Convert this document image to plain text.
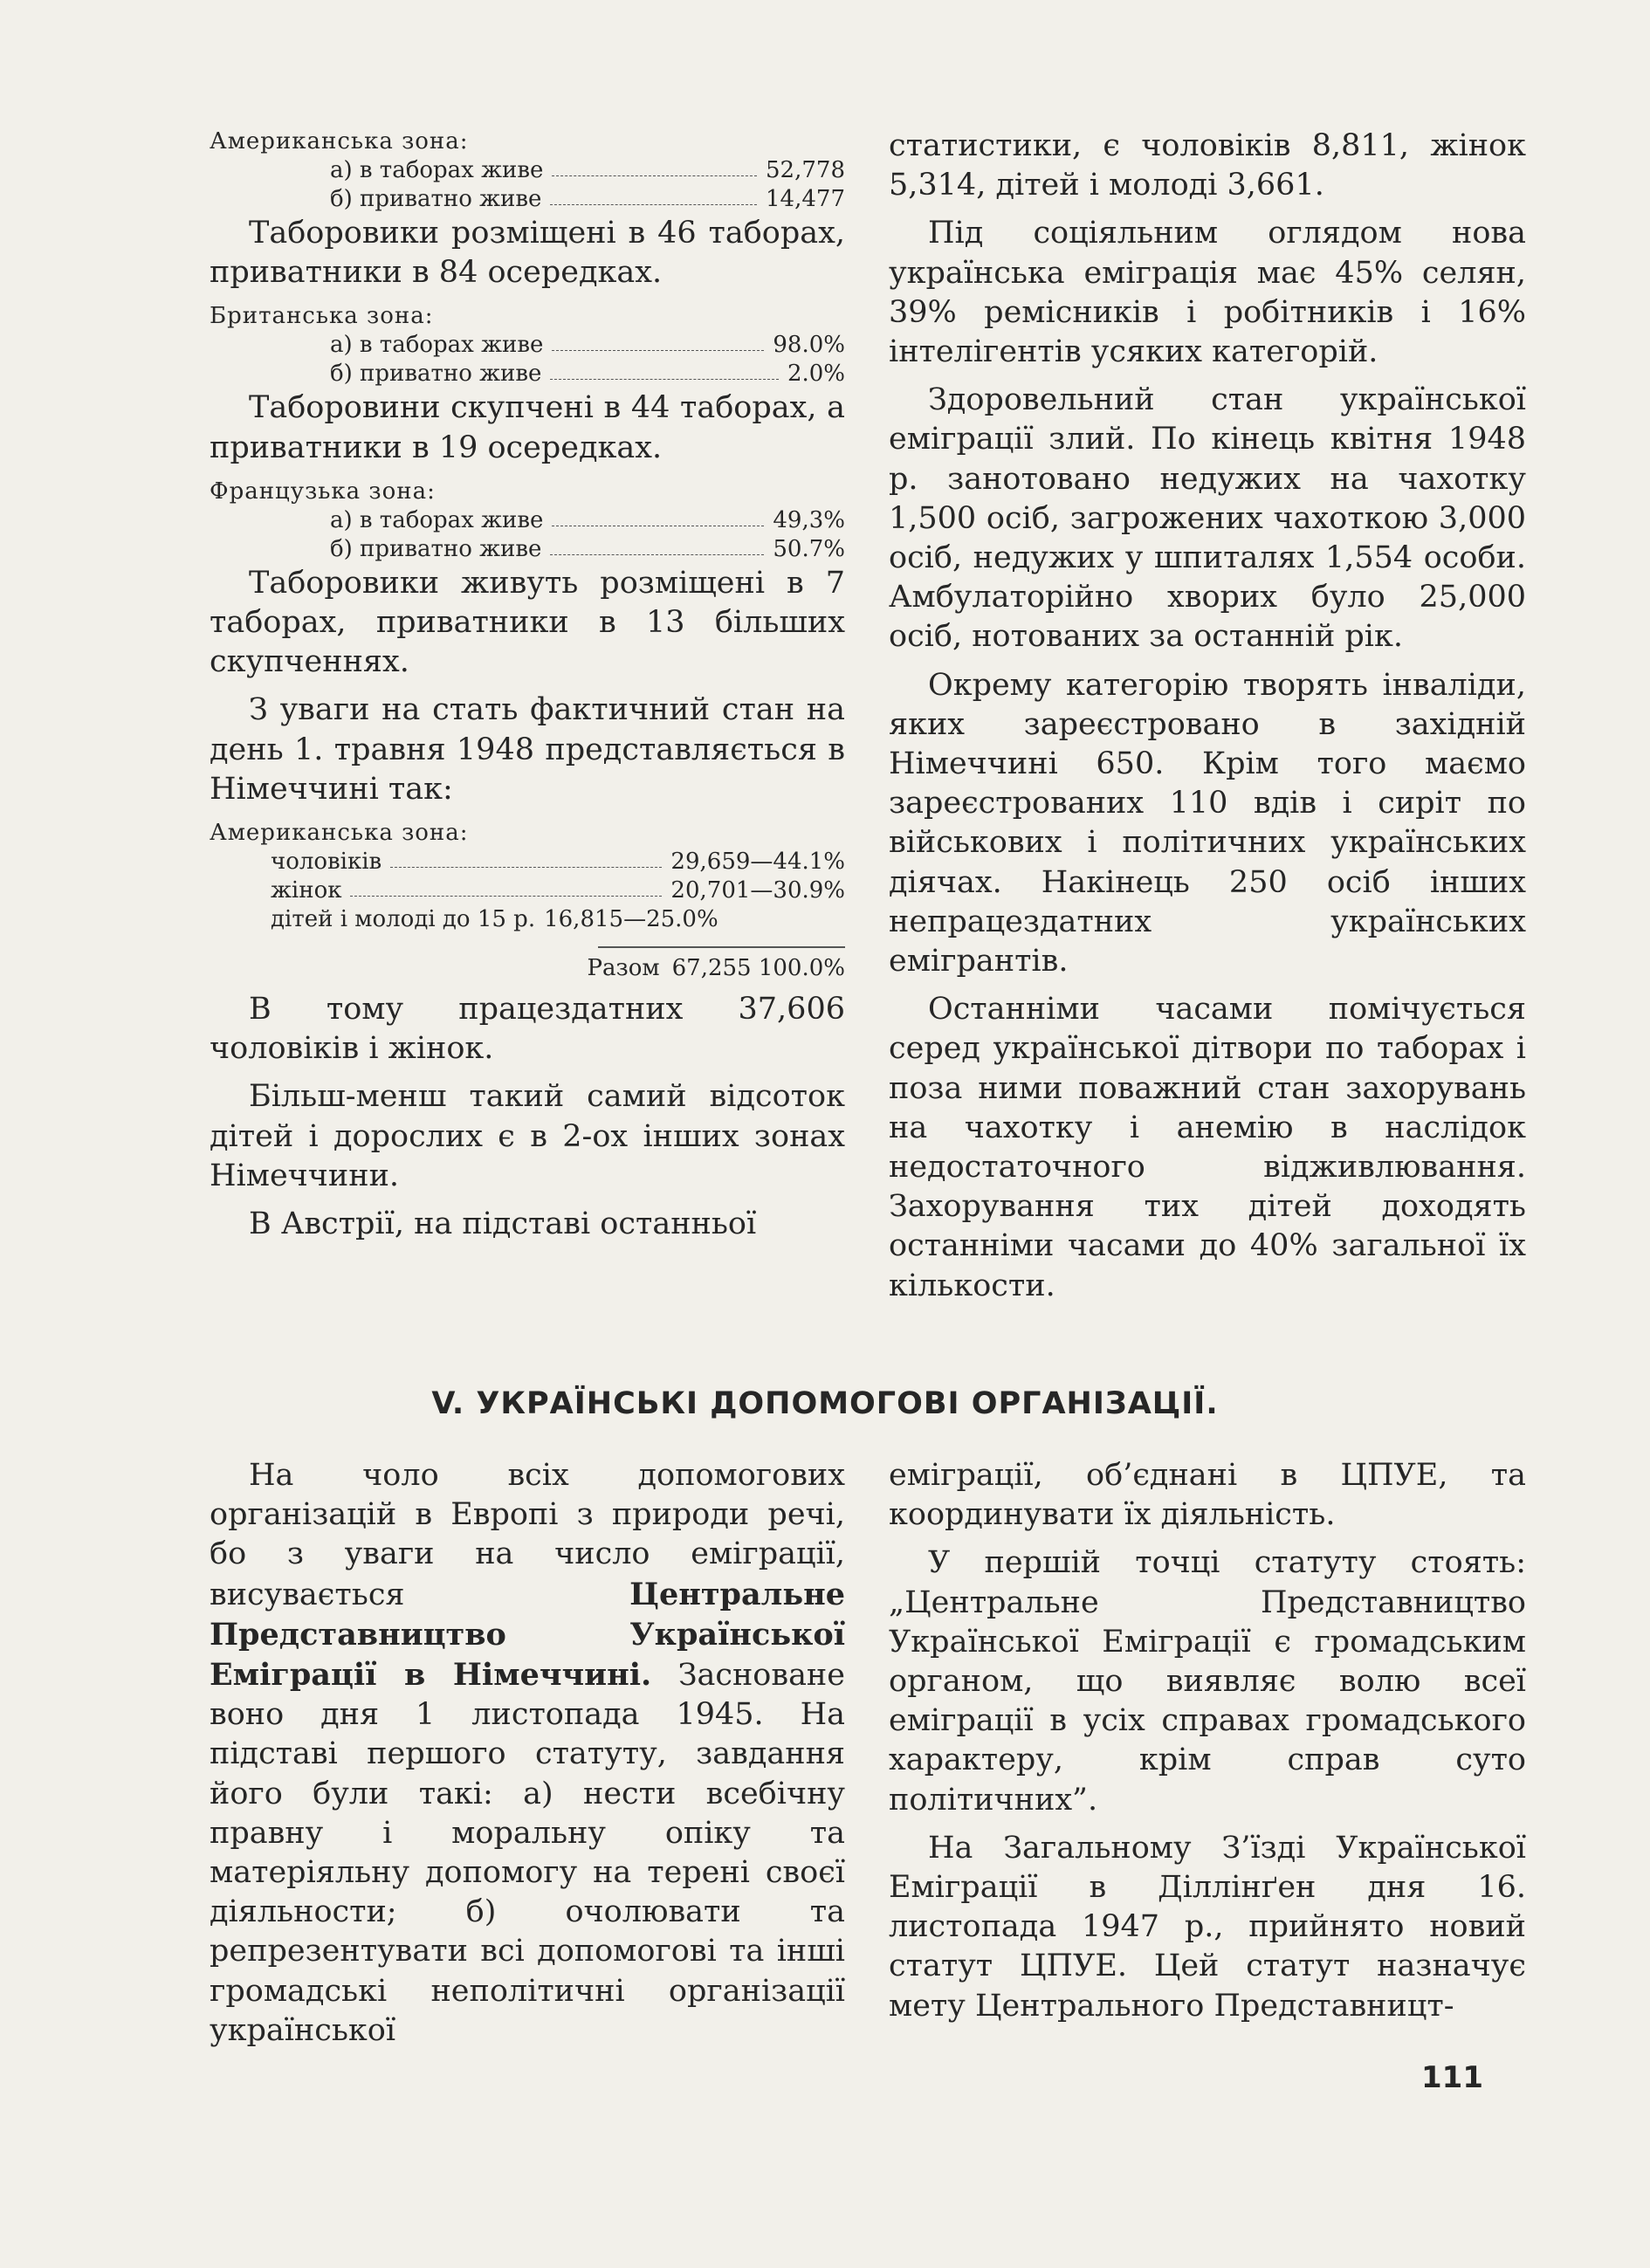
Американська зона:

а) в таборах живе	52,778
б) приватно живе	14,477

Таборовики розміщені в 46 таборах, приватники в 84 осередках.

Британська зона:

а) в таборах живе	98.0%
б) приватно живе	2.0%

Таборовини скупчені в 44 таборах, а приватники в 19 осередках.

Французька зона:

а) в таборах живе	49,3%
б) приватно живе	50.7%

Таборовики живуть розміщені в 7 таборах, приватники в 13 більших скупченнях.

З уваги на стать фактичний стан на день 1. травня 1948 представляється в Німеччині так:

Американська зона:

чоловіків	29,659—44.1%
жінок	20,701—30.9%
дітей і молоді до 15 р. 16,815—25.0%
Разом 67,255 100.0%

В тому працездатних 37,606 чоловіків і жінок.

Більш-менш такий самий відсоток дітей і дорослих є в 2-ох інших зонах Німеччини.

В Австрії, на підставі останньої

статистики, є чоловіків 8,811, жінок 5,314, дітей і молоді 3,661.

Під соціяльним оглядом нова українська еміграція має 45% селян, 39% ремісників і робітників і 16% інтелігентів усяких категорій.

Здоровельний стан української еміграції злий. По кінець квітня 1948 р. занотовано недужих на чахотку 1,500 осіб, загрожених чахоткою 3,000 осіб, недужих у шпиталях 1,554 особи. Амбулаторійно хворих було 25,000 осіб, нотованих за останній рік.

Окрему категорію творять інваліди, яких зареєстровано в західній Німеччині 650. Крім того маємо зареєстрованих 110 вдів і сиріт по військових і політичних українських діячах. Накінець 250 осіб інших непрацездатних українських емігрантів.

Останніми часами помічується серед української дітвори по таборах і поза ними поважний стан захорувань на чахотку і анемію в наслідок недостаточного відживлювання. Захорування тих дітей доходять останніми часами до 40% загальної їх кількости.

V. УКРАЇНСЬКІ ДОПОМОГОВІ ОРГАНІЗАЦІЇ.

На чоло всіх допомогових організацій в Европі з природи речі, бо з уваги на число еміграції, висувається	Центральне Представництво Української Еміграції в Німеччині. Засноване воно дня 1 листопада 1945. На підставі першого статуту, завдання його були такі: а) нести всебічну правну і моральну опіку та матеріяльну допомогу на терені своєї діяльности; б) очолювати та репрезентувати всі допомогові та інші громадські неполітичні організації української

еміграції, об’єднані в ЦПУЕ, та координувати їх діяльність.

У першій точці статуту стоять: „Центральне Представництво Української Еміграції є громадським органом, що виявляє волю всеї еміграції в усіх справах громадського характеру, крім справ суто політичних”.

На Загальному З’їзді Української Еміграції в Діллінґен дня 16. листопада 1947 р., прийнято новий статут ЦПУЕ. Цей статут назначує мету Центрального Представницт-

111
